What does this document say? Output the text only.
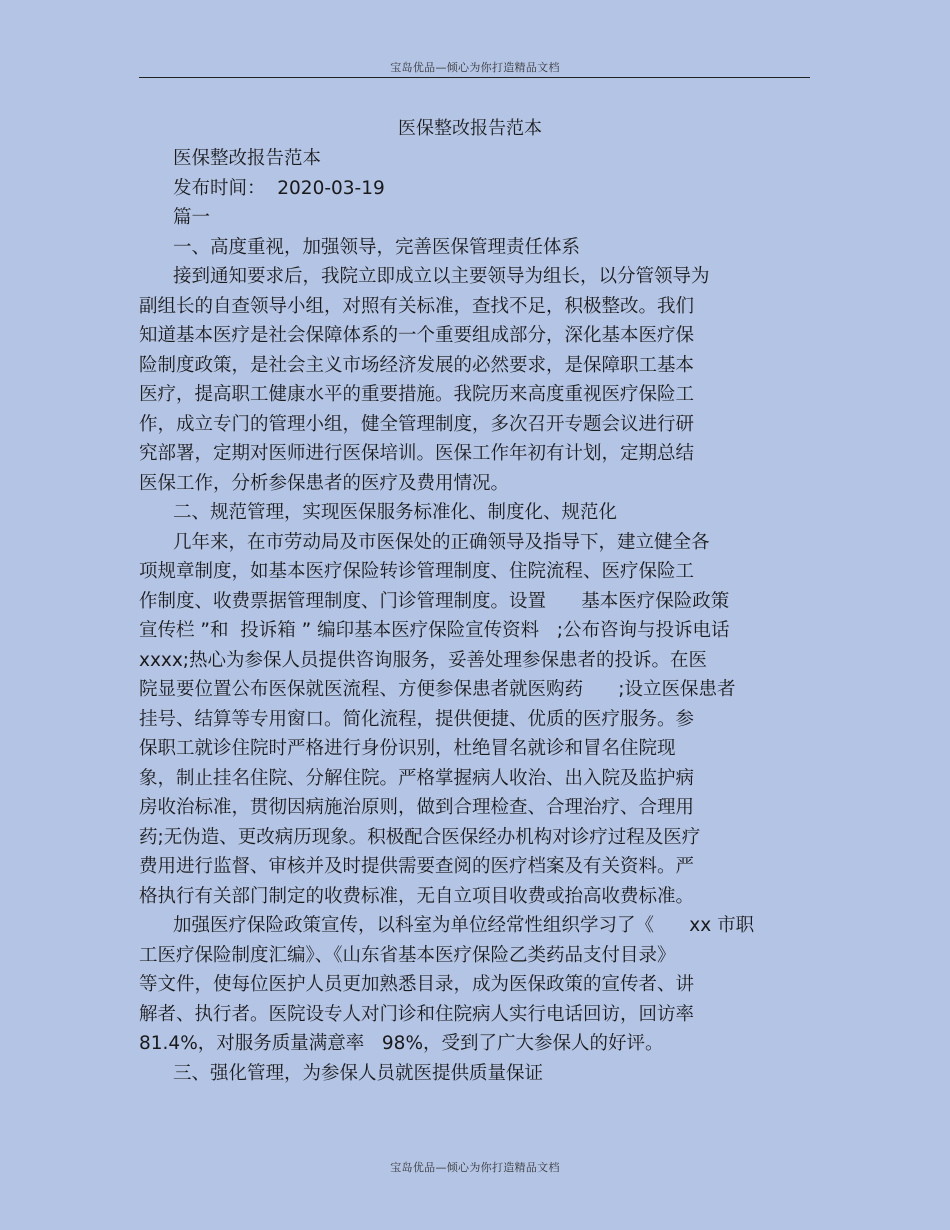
宝岛优品—倾心为你打造精品文档
医保整改报告范本
医保整改报告范本
发布时间：  2020-03-19
篇一
一、高度重视，加强领导，完善医保管理责任体系
接到通知要求后，我院立即成立以主要领导为组长，以分管领导为
副组长的自查领导小组，对照有关标准，查找不足，积极整改。我们
知道基本医疗是社会保障体系的一个重要组成部分，深化基本医疗保
险制度政策，是社会主义市场经济发展的必然要求，是保障职工基本
医疗，提高职工健康水平的重要措施。我院历来高度重视医疗保险工
作，成立专门的管理小组，健全管理制度，多次召开专题会议进行研
究部署，定期对医师进行医保培训。医保工作年初有计划，定期总结
医保工作，分析参保患者的医疗及费用情况。
二、规范管理，实现医保服务标准化、制度化、规范化
几年来，在市劳动局及市医保处的正确领导及指导下，建立健全各
项规章制度，如基本医疗保险转诊管理制度、住院流程、医疗保险工
作制度、收费票据管理制度、门诊管理制度。设置      基本医疗保险政策
宣传栏 ”和  投诉箱 ” 编印基本医疗保险宣传资料   ;公布咨询与投诉电话
xxxx;热心为参保人员提供咨询服务，妥善处理参保患者的投诉。在医
院显要位置公布医保就医流程、方便参保患者就医购药      ;设立医保患者
挂号、结算等专用窗口。简化流程，提供便捷、优质的医疗服务。参
保职工就诊住院时严格进行身份识别，杜绝冒名就诊和冒名住院现
象，制止挂名住院、分解住院。严格掌握病人收治、出入院及监护病
房收治标准，贯彻因病施治原则，做到合理检查、合理治疗、合理用
药;无伪造、更改病历现象。积极配合医保经办机构对诊疗过程及医疗
费用进行监督、审核并及时提供需要查阅的医疗档案及有关资料。严
格执行有关部门制定的收费标准，无自立项目收费或抬高收费标准。
加强医疗保险政策宣传，以科室为单位经常性组织学习了《      xx 市职
工医疗保险制度汇编》、《山东省基本医疗保险乙类药品支付目录》
等文件，使每位医护人员更加熟悉目录，成为医保政策的宣传者、讲
解者、执行者。医院设专人对门诊和住院病人实行电话回访，回访率
81.4%，对服务质量满意率   98%，受到了广大参保人的好评。
三、强化管理，为参保人员就医提供质量保证
宝岛优品—倾心为你打造精品文档
